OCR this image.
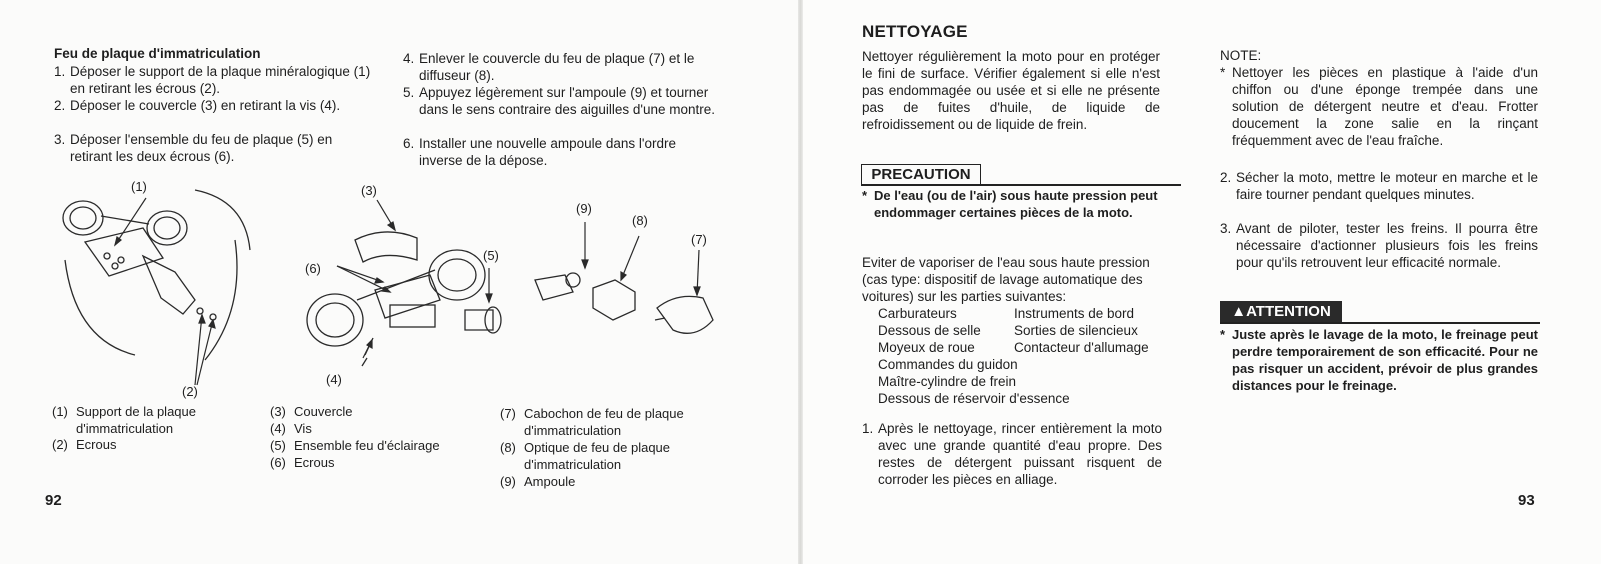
Feu de plaque d'immatriculation
1. Déposer le support de la plaque minéralogique (1) en retirant les écrous (2).
2. Déposer le couvercle (3) en retirant la vis (4).
3. Déposer l'ensemble du feu de plaque (5) en retirant les deux écrous (6).
4. Enlever le couvercle du feu de plaque (7) et le diffuseur (8).
5. Appuyez légèrement sur l'ampoule (9) et tourner dans le sens contraire des aiguilles d'une montre.
6. Installer une nouvelle ampoule dans l'ordre inverse de la dépose.
(1)
(2)
(3)
(4)
(5)
(6)
(7)
(8)
(9)
(1) Support de la plaque d'immatriculation
(2) Ecrous
(3) Couvercle
(4) Vis
(5) Ensemble feu d'éclairage
(6) Ecrous
(7) Cabochon de feu de plaque d'immatriculation
(8) Optique de feu de plaque d'immatriculation
(9) Ampoule
92
NETTOYAGE
Nettoyer régulièrement la moto pour en protéger le fini de surface. Vérifier également si elle n'est pas endommagée ou usée et si elle ne présente pas de fuites d'huile, de liquide de refroidissement ou de liquide de frein.
PRECAUTION
* De l'eau (ou de l'air) sous haute pression peut endommager certaines pièces de la moto.
Eviter de vaporiser de l'eau sous haute pression (cas type: dispositif de lavage automatique des voitures) sur les parties suivantes:
Carburateurs	Instruments de bord
Dessous de selle	Sorties de silencieux
Moyeux de roue	Contacteur d'allumage
Commandes du guidon
Maître-cylindre de frein
Dessous de réservoir d'essence
1. Après le nettoyage, rincer entièrement la moto avec une grande quantité d'eau propre. Des restes de détergent puissant risquent de corroder les pièces en alliage.
NOTE:
* Nettoyer les pièces en plastique à l'aide d'un chiffon ou d'une éponge trempée dans une solution de détergent neutre et d'eau. Frotter doucement la zone salie en la rinçant fréquemment avec de l'eau fraîche.
2. Sécher la moto, mettre le moteur en marche et le faire tourner pendant quelques minutes.
3. Avant de piloter, tester les freins. Il pourra être nécessaire d'actionner plusieurs fois les freins pour qu'ils retrouvent leur efficacité normale.
▲ATTENTION
* Juste après le lavage de la moto, le freinage peut perdre temporairement de son efficacité. Pour ne pas risquer un accident, prévoir de plus grandes distances pour le freinage.
93
